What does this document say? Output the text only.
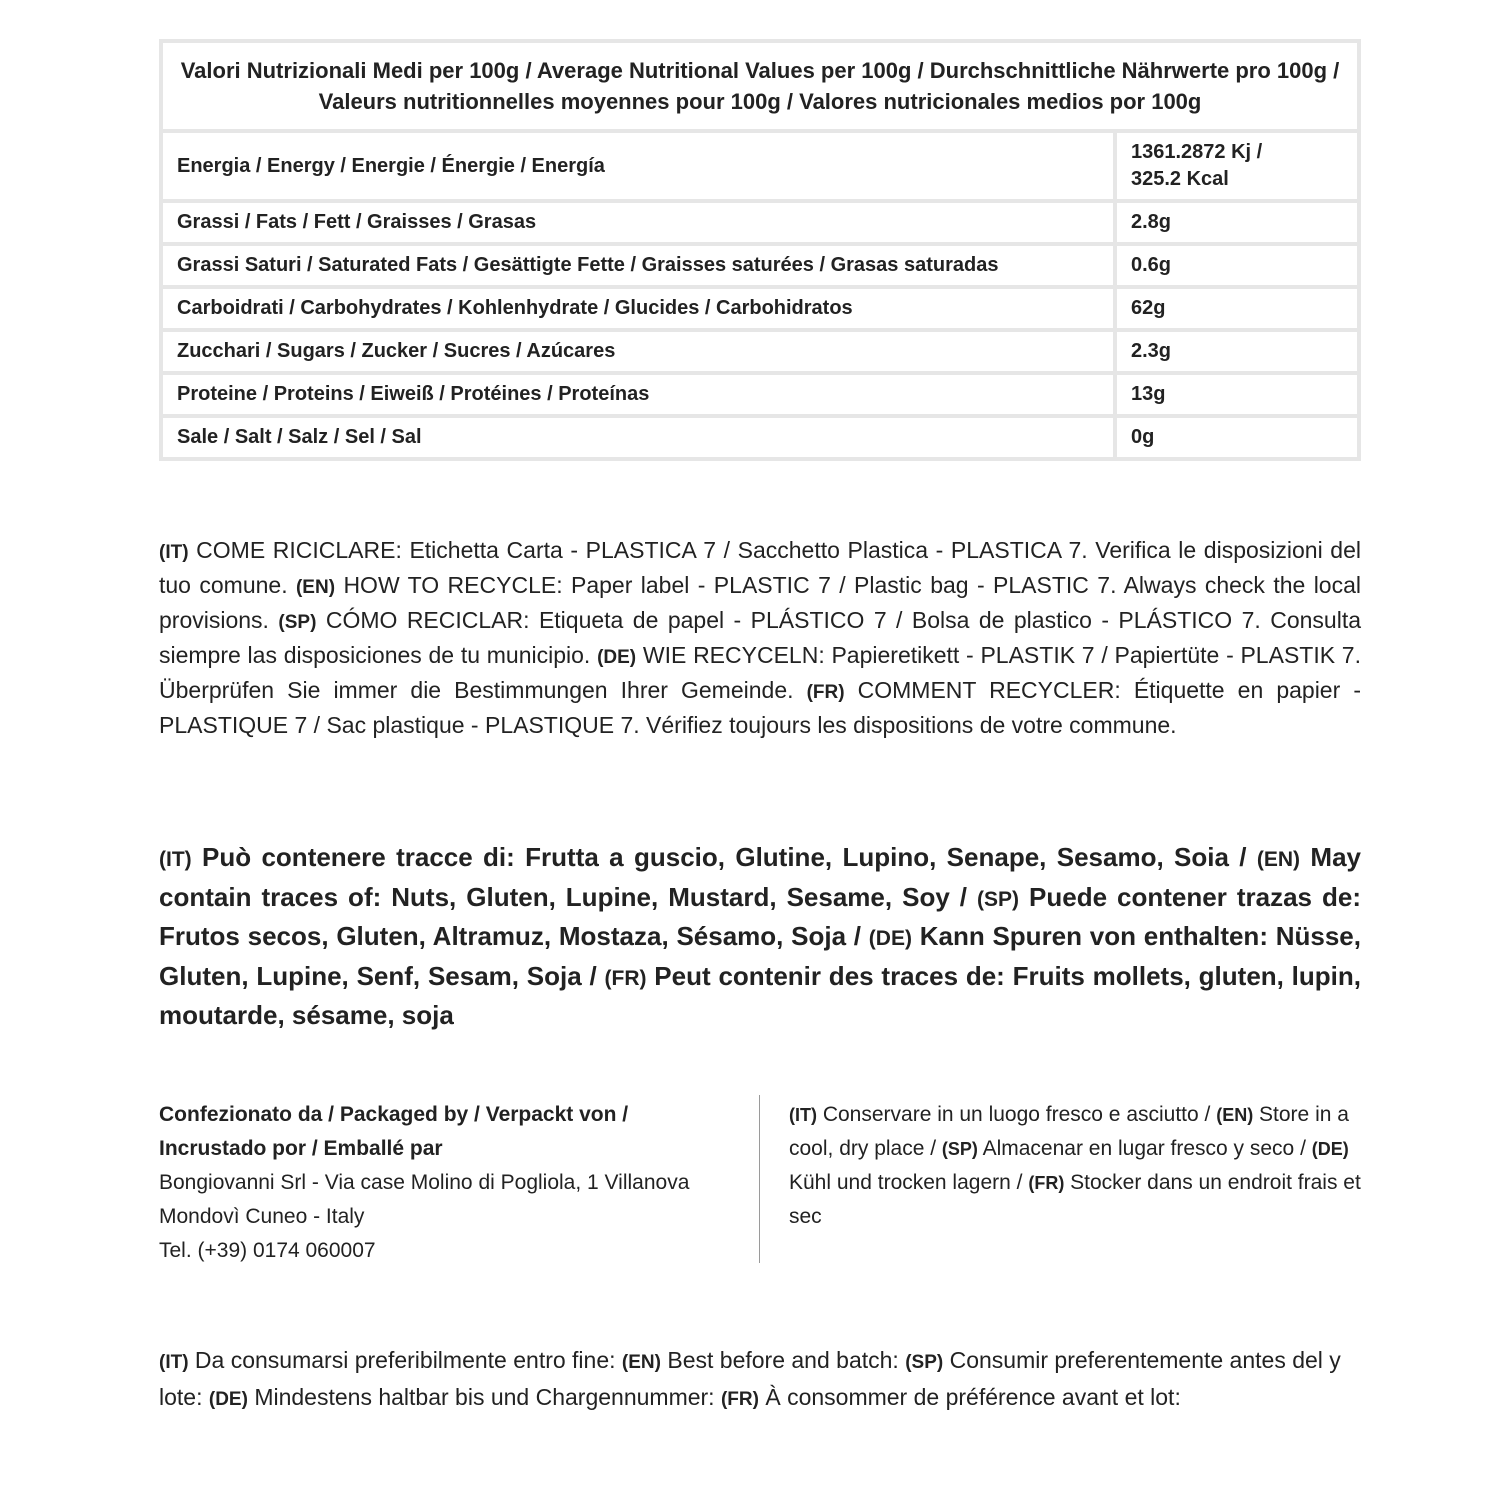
Valori Nutrizionali Medi per 100g / Average Nutritional Values per 100g / Durchschnittliche Nährwerte pro 100g / Valeurs nutritionnelles moyennes pour 100g / Valores nutricionales medios por 100g	
Energia / Energy / Energie / Énergie / Energía	1361.2872 Kj /
325.2 Kcal
Grassi / Fats / Fett / Graisses / Grasas	2.8g
Grassi Saturi / Saturated Fats / Gesättigte Fette / Graisses saturées / Grasas saturadas	0.6g
Carboidrati / Carbohydrates / Kohlenhydrate / Glucides / Carbohidratos	62g
Zucchari / Sugars / Zucker / Sucres / Azúcares	2.3g
Proteine / Proteins / Eiweiß / Protéines / Proteínas	13g
Sale / Salt / Salz / Sel / Sal	0g

(IT) COME RICICLARE: Etichetta Carta - PLASTICA 7 / Sacchetto Plastica - PLASTICA 7. Verifica le disposizioni del tuo comune. (EN) HOW TO RECYCLE: Paper label - PLASTIC 7 / Plastic bag - PLASTIC 7. Always check the local provisions. (SP) CÓMO RECICLAR: Etiqueta de papel - PLÁSTICO 7 / Bolsa de plastico - PLÁSTICO 7. Consulta siempre las disposiciones de tu municipio. (DE) WIE RECYCELN: Papieretikett - PLASTIK 7 / Papiertüte - PLASTIK 7. Überprüfen Sie immer die Bestimmungen Ihrer Gemeinde. (FR) COMMENT RECYCLER: Étiquette en papier - PLASTIQUE 7 / Sac plastique - PLASTIQUE 7. Vérifiez toujours les dispositions de votre commune.

(IT) Può contenere tracce di: Frutta a guscio, Glutine, Lupino, Senape, Sesamo, Soia / (EN) May contain traces of: Nuts, Gluten, Lupine, Mustard, Sesame, Soy / (SP) Puede contener trazas de: Frutos secos, Gluten, Altramuz, Mostaza, Sésamo, Soja / (DE) Kann Spuren von enthalten: Nüsse, Gluten, Lupine, Senf, Sesam, Soja / (FR) Peut contenir des traces de: Fruits mollets, gluten, lupin, moutarde, sésame, soja

Confezionato da / Packaged by / Verpackt von /
Incrustado por / Emballé par
Bongiovanni Srl - Via case Molino di Pogliola, 1 Villanova
Mondovì Cuneo - Italy
Tel. (+39) 0174 060007

(IT) Conservare in un luogo fresco e asciutto / (EN) Store in a cool, dry place / (SP) Almacenar en lugar fresco y seco / (DE) Kühl und trocken lagern / (FR) Stocker dans un endroit frais et sec

(IT) Da consumarsi preferibilmente entro fine: (EN) Best before and batch: (SP) Consumir preferentemente antes del y lote: (DE) Mindestens haltbar bis und Chargennummer: (FR) À consommer de préférence avant et lot:
